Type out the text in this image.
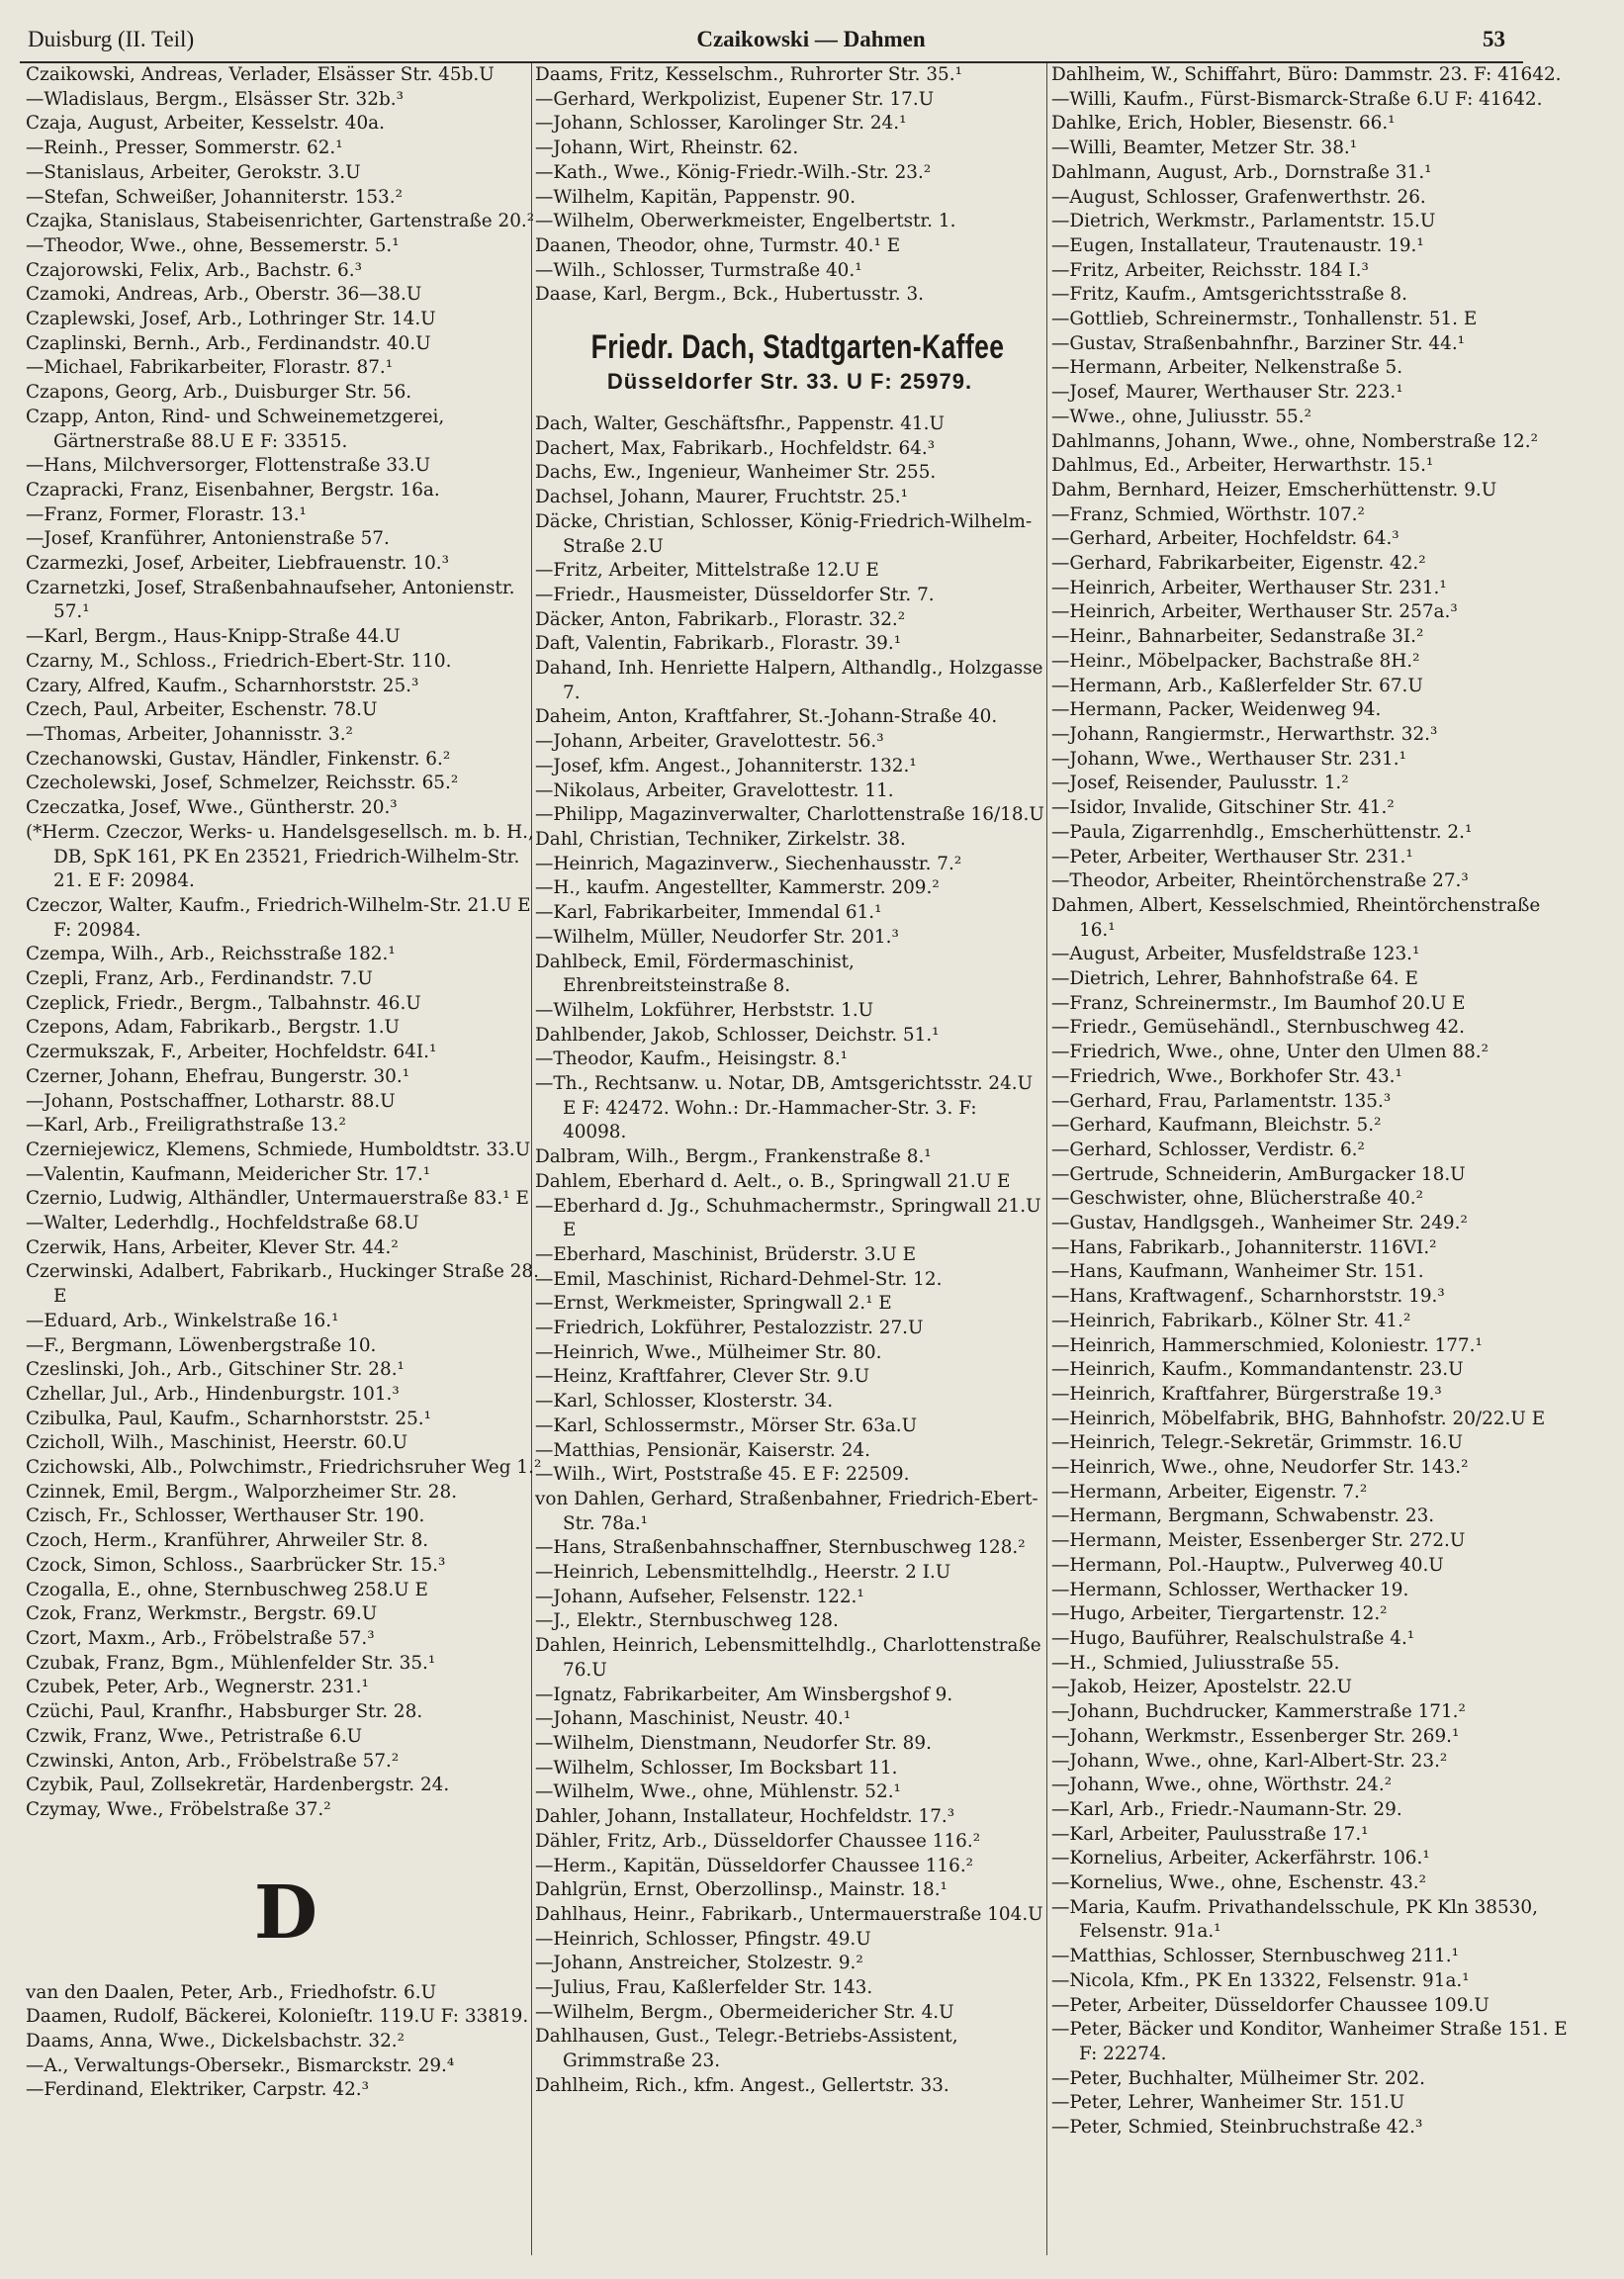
Duisburg (II. Teil)	Czaikowski — Dahmen	53

Czaikowski, Andreas, Verlader, Elsässer Str. 45b.U

—Wladislaus, Bergm., Elsässer Str. 32b.³

Czaja, August, Arbeiter, Kesselstr. 40a.

—Reinh., Presser, Sommerstr. 62.¹

—Stanislaus, Arbeiter, Gerokstr. 3.U

—Stefan, Schweißer, Johanniterstr. 153.²

Czajka, Stanislaus, Stabeisenrichter, Gartenstraße 20.²

—Theodor, Wwe., ohne, Bessemerstr. 5.¹

Czajorowski, Felix, Arb., Bachstr. 6.³

Czamoki, Andreas, Arb., Oberstr. 36—38.U

Czaplewski, Josef, Arb., Lothringer Str. 14.U

Czaplinski, Bernh., Arb., Ferdinandstr. 40.U

—Michael, Fabrikarbeiter, Florastr. 87.¹

Czapons, Georg, Arb., Duisburger Str. 56.

Czapp, Anton, Rind- und Schweinemetzgerei, Gärtnerstraße 88.U E F: 33515.

—Hans, Milchversorger, Flottenstraße 33.U

Czapracki, Franz, Eisenbahner, Bergstr. 16a.

—Franz, Former, Florastr. 13.¹

—Josef, Kranführer, Antonienstraße 57.

Czarmezki, Josef, Arbeiter, Liebfrauenstr. 10.³

Czarnetzki, Josef, Straßenbahnaufseher, Antonienstr. 57.¹

—Karl, Bergm., Haus-Knipp-Straße 44.U

Czarny, M., Schloss., Friedrich-Ebert-Str. 110.

Czary, Alfred, Kaufm., Scharnhorststr. 25.³

Czech, Paul, Arbeiter, Eschenstr. 78.U

—Thomas, Arbeiter, Johannisstr. 3.²

Czechanowski, Gustav, Händler, Finkenstr. 6.²

Czecholewski, Josef, Schmelzer, Reichsstr. 65.²

Czeczatka, Josef, Wwe., Güntherstr. 20.³

(*Herm. Czeczor, Werks- u. Handelsgesellsch. m. b. H., DB, SpK 161, PK En 23521, Friedrich-Wilhelm-Str. 21. E F: 20984.

Czeczor, Walter, Kaufm., Friedrich-Wilhelm-Str. 21.U E F: 20984.

Czempa, Wilh., Arb., Reichsstraße 182.¹

Czepli, Franz, Arb., Ferdinandstr. 7.U

Czeplick, Friedr., Bergm., Talbahnstr. 46.U

Czepons, Adam, Fabrikarb., Bergstr. 1.U

Czermukszak, F., Arbeiter, Hochfeldstr. 64I.¹

Czerner, Johann, Ehefrau, Bungerstr. 30.¹

—Johann, Postschaffner, Lotharstr. 88.U

—Karl, Arb., Freiligrathstraße 13.²

Czerniejewicz, Klemens, Schmiede, Humboldtstr. 33.U

—Valentin, Kaufmann, Meidericher Str. 17.¹

Czernio, Ludwig, Althändler, Untermauerstraße 83.¹ E

—Walter, Lederhdlg., Hochfeldstraße 68.U

Czerwik, Hans, Arbeiter, Klever Str. 44.²

Czerwinski, Adalbert, Fabrikarb., Huckinger Straße 28. E

—Eduard, Arb., Winkelstraße 16.¹

—F., Bergmann, Löwenbergstraße 10.

Czeslinski, Joh., Arb., Gitschiner Str. 28.¹

Czhellar, Jul., Arb., Hindenburgstr. 101.³

Czibulka, Paul, Kaufm., Scharnhorststr. 25.¹

Czicholl, Wilh., Maschinist, Heerstr. 60.U

Czichowski, Alb., Polwchimstr., Friedrichsruher Weg 1.²

Czinnek, Emil, Bergm., Walporzheimer Str. 28.

Czisch, Fr., Schlosser, Werthauser Str. 190.

Czoch, Herm., Kranführer, Ahrweiler Str. 8.

Czock, Simon, Schloss., Saarbrücker Str. 15.³

Czogalla, E., ohne, Sternbuschweg 258.U E

Czok, Franz, Werkmstr., Bergstr. 69.U

Czort, Maxm., Arb., Fröbelstraße 57.³

Czubak, Franz, Bgm., Mühlenfelder Str. 35.¹

Czubek, Peter, Arb., Wegnerstr. 231.¹

Czüchi, Paul, Kranfhr., Habsburger Str. 28.

Czwik, Franz, Wwe., Petristraße 6.U

Czwinski, Anton, Arb., Fröbelstraße 57.²

Czybik, Paul, Zollsekretär, Hardenbergstr. 24.

Czymay, Wwe., Fröbelstraße 37.²

D

van den Daalen, Peter, Arb., Friedhofstr. 6.U

Daamen, Rudolf, Bäckerei, Kolonieſtr. 119.U F: 33819.

Daams, Anna, Wwe., Dickelsbachstr. 32.²

—A., Verwaltungs-Obersekr., Bismarckstr. 29.⁴

—Ferdinand, Elektriker, Carpstr. 42.³

Daams, Fritz, Kesselschm., Ruhrorter Str. 35.¹

—Gerhard, Werkpolizist, Eupener Str. 17.U

—Johann, Schlosser, Karolinger Str. 24.¹

—Johann, Wirt, Rheinstr. 62.

—Kath., Wwe., König-Friedr.-Wilh.-Str. 23.²

—Wilhelm, Kapitän, Pappenstr. 90.

—Wilhelm, Oberwerkmeister, Engelbertstr. 1.

Daanen, Theodor, ohne, Turmstr. 40.¹ E

—Wilh., Schlosser, Turmstraße 40.¹

Daase, Karl, Bergm., Bck., Hubertusstr. 3.

Friedr. Dach, Stadtgarten-Kaffee
Düsseldorfer Str. 33. U F: 25979.

Dach, Walter, Geschäftsfhr., Pappenstr. 41.U

Dachert, Max, Fabrikarb., Hochfeldstr. 64.³

Dachs, Ew., Ingenieur, Wanheimer Str. 255.

Dachsel, Johann, Maurer, Fruchtstr. 25.¹

Däcke, Christian, Schlosser, König-Friedrich-Wilhelm-Straße 2.U

—Fritz, Arbeiter, Mittelstraße 12.U E

—Friedr., Hausmeister, Düsseldorfer Str. 7.

Däcker, Anton, Fabrikarb., Florastr. 32.²

Daft, Valentin, Fabrikarb., Florastr. 39.¹

Dahand, Inh. Henriette Halpern, Althandlg., Holzgasse 7.

Daheim, Anton, Kraftfahrer, St.-Johann-Straße 40.

—Johann, Arbeiter, Gravelottestr. 56.³

—Josef, kfm. Angest., Johanniterstr. 132.¹

—Nikolaus, Arbeiter, Gravelottestr. 11.

—Philipp, Magazinverwalter, Charlottenstraße 16/18.U

Dahl, Christian, Techniker, Zirkelstr. 38.

—Heinrich, Magazinverw., Siechenhausstr. 7.²

—H., kaufm. Angestellter, Kammerstr. 209.²

—Karl, Fabrikarbeiter, Immendal 61.¹

—Wilhelm, Müller, Neudorfer Str. 201.³

Dahlbeck, Emil, Fördermaschinist, Ehrenbreitsteinstraße 8.

—Wilhelm, Lokführer, Herbststr. 1.U

Dahlbender, Jakob, Schlosser, Deichstr. 51.¹

—Theodor, Kaufm., Heisingstr. 8.¹

—Th., Rechtsanw. u. Notar, DB, Amtsgerichtsstr. 24.U E F: 42472. Wohn.: Dr.-Hammacher-Str. 3. F: 40098.

Dalbram, Wilh., Bergm., Frankenstraße 8.¹

Dahlem, Eberhard d. Aelt., o. B., Springwall 21.U E

—Eberhard d. Jg., Schuhmachermstr., Springwall 21.U E

—Eberhard, Maschinist, Brüderstr. 3.U E

—Emil, Maschinist, Richard-Dehmel-Str. 12.

—Ernst, Werkmeister, Springwall 2.¹ E

—Friedrich, Lokführer, Pestalozzistr. 27.U

—Heinrich, Wwe., Mülheimer Str. 80.

—Heinz, Kraftfahrer, Clever Str. 9.U

—Karl, Schlosser, Klosterstr. 34.

—Karl, Schlossermstr., Mörser Str. 63a.U

—Matthias, Pensionär, Kaiserstr. 24.

—Wilh., Wirt, Poststraße 45. E F: 22509.

von Dahlen, Gerhard, Straßenbahner, Friedrich-Ebert-Str. 78a.¹

—Hans, Straßenbahnschaffner, Sternbuschweg 128.²

—Heinrich, Lebensmittelhdlg., Heerstr. 2 I.U

—Johann, Aufseher, Felsenstr. 122.¹

—J., Elektr., Sternbuschweg 128.

Dahlen, Heinrich, Lebensmittelhdlg., Charlottenstraße 76.U

—Ignatz, Fabrikarbeiter, Am Winsbergshof 9.

—Johann, Maschinist, Neustr. 40.¹

—Wilhelm, Dienstmann, Neudorfer Str. 89.

—Wilhelm, Schlosser, Im Bocksbart 11.

—Wilhelm, Wwe., ohne, Mühlenstr. 52.¹

Dahler, Johann, Installateur, Hochfeldstr. 17.³

Dähler, Fritz, Arb., Düsseldorfer Chaussee 116.²

—Herm., Kapitän, Düsseldorfer Chaussee 116.²

Dahlgrün, Ernst, Oberzollinsp., Mainstr. 18.¹

Dahlhaus, Heinr., Fabrikarb., Untermauerstraße 104.U

—Heinrich, Schlosser, Pfingstr. 49.U

—Johann, Anstreicher, Stolzestr. 9.²

—Julius, Frau, Kaßlerfelder Str. 143.

—Wilhelm, Bergm., Obermeidericher Str. 4.U

Dahlhausen, Gust., Telegr.-Betriebs-Assistent, Grimmstraße 23.

Dahlheim, Rich., kfm. Angest., Gellertstr. 33.

Dahlheim, W., Schiffahrt, Büro: Dammstr. 23. F: 41642.

—Willi, Kaufm., Fürst-Bismarck-Straße 6.U F: 41642.

Dahlke, Erich, Hobler, Biesenstr. 66.¹

—Willi, Beamter, Metzer Str. 38.¹

Dahlmann, August, Arb., Dornstraße 31.¹

—August, Schlosser, Grafenwerthstr. 26.

—Dietrich, Werkmstr., Parlamentstr. 15.U

—Eugen, Installateur, Trautenaustr. 19.¹

—Fritz, Arbeiter, Reichsstr. 184 I.³

—Fritz, Kaufm., Amtsgerichtsstraße 8.

—Gottlieb, Schreinermstr., Tonhallenstr. 51. E

—Gustav, Straßenbahnfhr., Barziner Str. 44.¹

—Hermann, Arbeiter, Nelkenstraße 5.

—Josef, Maurer, Werthauser Str. 223.¹

—Wwe., ohne, Juliusstr. 55.²

Dahlmanns, Johann, Wwe., ohne, Nomberstraße 12.²

Dahlmus, Ed., Arbeiter, Herwarthstr. 15.¹

Dahm, Bernhard, Heizer, Emscherhüttenstr. 9.U

—Franz, Schmied, Wörthstr. 107.²

—Gerhard, Arbeiter, Hochfeldstr. 64.³

—Gerhard, Fabrikarbeiter, Eigenstr. 42.²

—Heinrich, Arbeiter, Werthauser Str. 231.¹

—Heinrich, Arbeiter, Werthauser Str. 257a.³

—Heinr., Bahnarbeiter, Sedanstraße 3I.²

—Heinr., Möbelpacker, Bachstraße 8H.²

—Hermann, Arb., Kaßlerfelder Str. 67.U

—Hermann, Packer, Weidenweg 94.

—Johann, Rangiermstr., Herwarthstr. 32.³

—Johann, Wwe., Werthauser Str. 231.¹

—Josef, Reisender, Paulusstr. 1.²

—Isidor, Invalide, Gitschiner Str. 41.²

—Paula, Zigarrenhdlg., Emscherhüttenstr. 2.¹

—Peter, Arbeiter, Werthauser Str. 231.¹

—Theodor, Arbeiter, Rheintörchenstraße 27.³

Dahmen, Albert, Kesselschmied, Rheintörchenstraße 16.¹

—August, Arbeiter, Musfeldstraße 123.¹

—Dietrich, Lehrer, Bahnhofstraße 64. E

—Franz, Schreinermstr., Im Baumhof 20.U E

—Friedr., Gemüsehändl., Sternbuschweg 42.

—Friedrich, Wwe., ohne, Unter den Ulmen 88.²

—Friedrich, Wwe., Borkhofer Str. 43.¹

—Gerhard, Frau, Parlamentstr. 135.³

—Gerhard, Kaufmann, Bleichstr. 5.²

—Gerhard, Schlosser, Verdistr. 6.²

—Gertrude, Schneiderin, AmBurgacker 18.U

—Geschwister, ohne, Blücherstraße 40.²

—Gustav, Handlgsgeh., Wanheimer Str. 249.²

—Hans, Fabrikarb., Johanniterstr. 116VI.²

—Hans, Kaufmann, Wanheimer Str. 151.

—Hans, Kraftwagenf., Scharnhorststr. 19.³

—Heinrich, Fabrikarb., Kölner Str. 41.²

—Heinrich, Hammerschmied, Koloniestr. 177.¹

—Heinrich, Kaufm., Kommandantenstr. 23.U

—Heinrich, Kraftfahrer, Bürgerstraße 19.³

—Heinrich, Möbelfabrik, BHG, Bahnhofstr. 20/22.U E

—Heinrich, Telegr.-Sekretär, Grimmstr. 16.U

—Heinrich, Wwe., ohne, Neudorfer Str. 143.²

—Hermann, Arbeiter, Eigenstr. 7.²

—Hermann, Bergmann, Schwabenstr. 23.

—Hermann, Meister, Essenberger Str. 272.U

—Hermann, Pol.-Hauptw., Pulverweg 40.U

—Hermann, Schlosser, Werthacker 19.

—Hugo, Arbeiter, Tiergartenstr. 12.²

—Hugo, Bauführer, Realschulstraße 4.¹

—H., Schmied, Juliusstraße 55.

—Jakob, Heizer, Apostelstr. 22.U

—Johann, Buchdrucker, Kammerstraße 171.²

—Johann, Werkmstr., Essenberger Str. 269.¹

—Johann, Wwe., ohne, Karl-Albert-Str. 23.²

—Johann, Wwe., ohne, Wörthstr. 24.²

—Karl, Arb., Friedr.-Naumann-Str. 29.

—Karl, Arbeiter, Paulusstraße 17.¹

—Kornelius, Arbeiter, Ackerfährstr. 106.¹

—Kornelius, Wwe., ohne, Eschenstr. 43.²

—Maria, Kaufm. Privathandelsschule, PK Kln 38530, Felsenstr. 91a.¹

—Matthias, Schlosser, Sternbuschweg 211.¹

—Nicola, Kfm., PK En 13322, Felsenstr. 91a.¹

—Peter, Arbeiter, Düsseldorfer Chaussee 109.U

—Peter, Bäcker und Konditor, Wanheimer Straße 151. E F: 22274.

—Peter, Buchhalter, Mülheimer Str. 202.

—Peter, Lehrer, Wanheimer Str. 151.U

—Peter, Schmied, Steinbruchstraße 42.³
